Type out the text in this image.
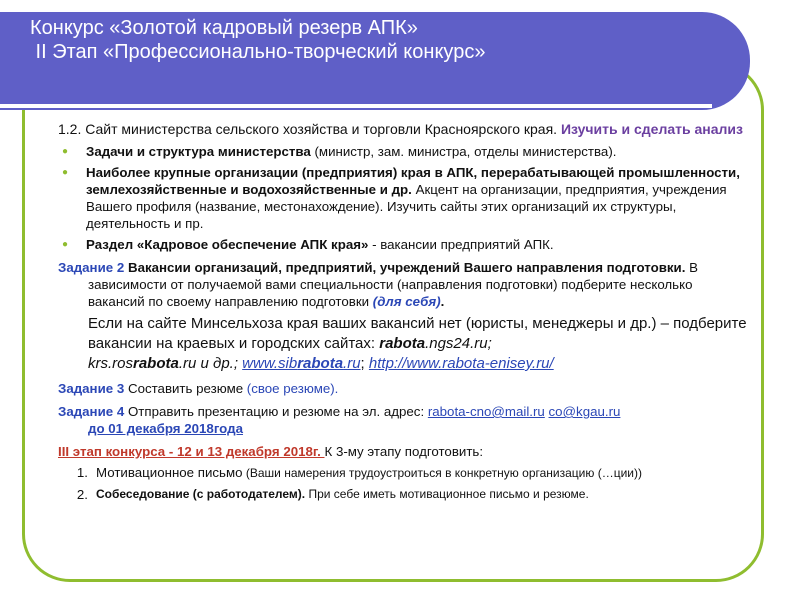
Конкурс «Золотой кадровый резерв АПК»
II Этап «Профессионально-творческий конкурс»
1.2. Сайт министерства сельского хозяйства и торговли Красноярского края. Изучить и сделать анализ
● Задачи и структура министерства (министр, зам. министра, отделы министерства).
● Наиболее крупные организации (предприятия) края в АПК, перерабатывающей промышленности, землехозяйственные и водохозяйственные и др. Акцент на организации, предприятия, учреждения Вашего профиля (название, местонахождение). Изучить сайты этих организаций их структуры, деятельность и пр.
● Раздел «Кадровое обеспечение АПК края» - вакансии предприятий АПК.
Задание 2 Вакансии организаций, предприятий, учреждений Вашего направления подготовки. В зависимости от получаемой вами специальности (направления подготовки) подберите несколько вакансий по своему направлению подготовки (для себя).
Если на сайте Минсельхоза края ваших вакансий нет (юристы, менеджеры и др.) – подберите вакансии на краевых и городских сайтах: rabota.ngs24.ru;
krs.rosrabota.ru и др.; www.sibrabota.ru; http://www.rabota-enisey.ru/
Задание 3 Составить резюме (свое резюме).
Задание 4 Отправить презентацию и резюме на эл. адрес: rabota-cno@mail.ru co@kgau.ru
до 01 декабря 2018года
III этап конкурса - 12 и 13 декабря 2018г. К 3-му этапу подготовить:
1. Мотивационное письмо (Ваши намерения трудоустроиться в конкретную организацию (…ции))
2. Собеседование (с работодателем). При себе иметь мотивационное письмо и резюме.
